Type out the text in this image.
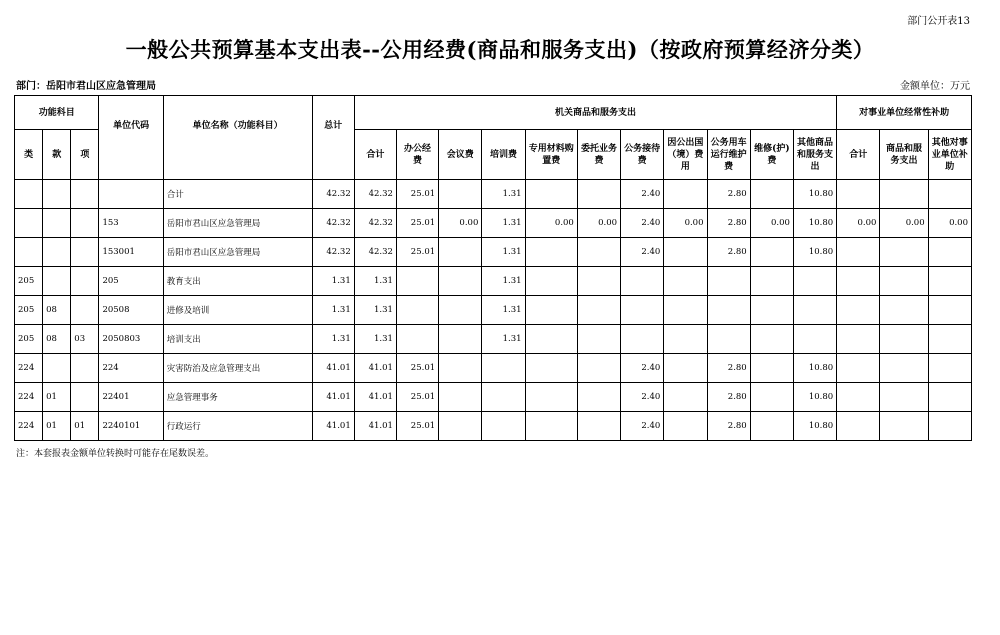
部门公开表13
一般公共预算基本支出表--公用经费(商品和服务支出)（按政府预算经济分类）
部门：岳阳市君山区应急管理局	金额单位：万元
功能科目			单位代码	单位名称（功能科目）	总计	机关商品和服务支出											对事业单位经常性补助		
类	款	项				合计	办公经费	会议费	培训费	专用材料购置费	委托业务费	公务接待费	因公出国（境）费用	公务用车运行维护费	维修(护)费	其他商品和服务支出	合计	商品和服务支出	其他对事业单位补助
				合计	42.32	42.32	25.01		1.31			2.40		2.80		10.80			
			153	岳阳市君山区应急管理局	42.32	42.32	25.01	0.00	1.31	0.00	0.00	2.40	0.00	2.80	0.00	10.80	0.00	0.00	0.00
			153001	岳阳市君山区应急管理局	42.32	42.32	25.01		1.31			2.40		2.80		10.80			
205			205	教育支出	1.31	1.31			1.31										
205	08		20508	进修及培训	1.31	1.31			1.31										
205	08	03	2050803	培训支出	1.31	1.31			1.31										
224			224	灾害防治及应急管理支出	41.01	41.01	25.01					2.40		2.80		10.80			
224	01		22401	应急管理事务	41.01	41.01	25.01					2.40		2.80		10.80			
224	01	01	2240101	行政运行	41.01	41.01	25.01					2.40		2.80		10.80			
注：本套报表金额单位转换时可能存在尾数误差。
